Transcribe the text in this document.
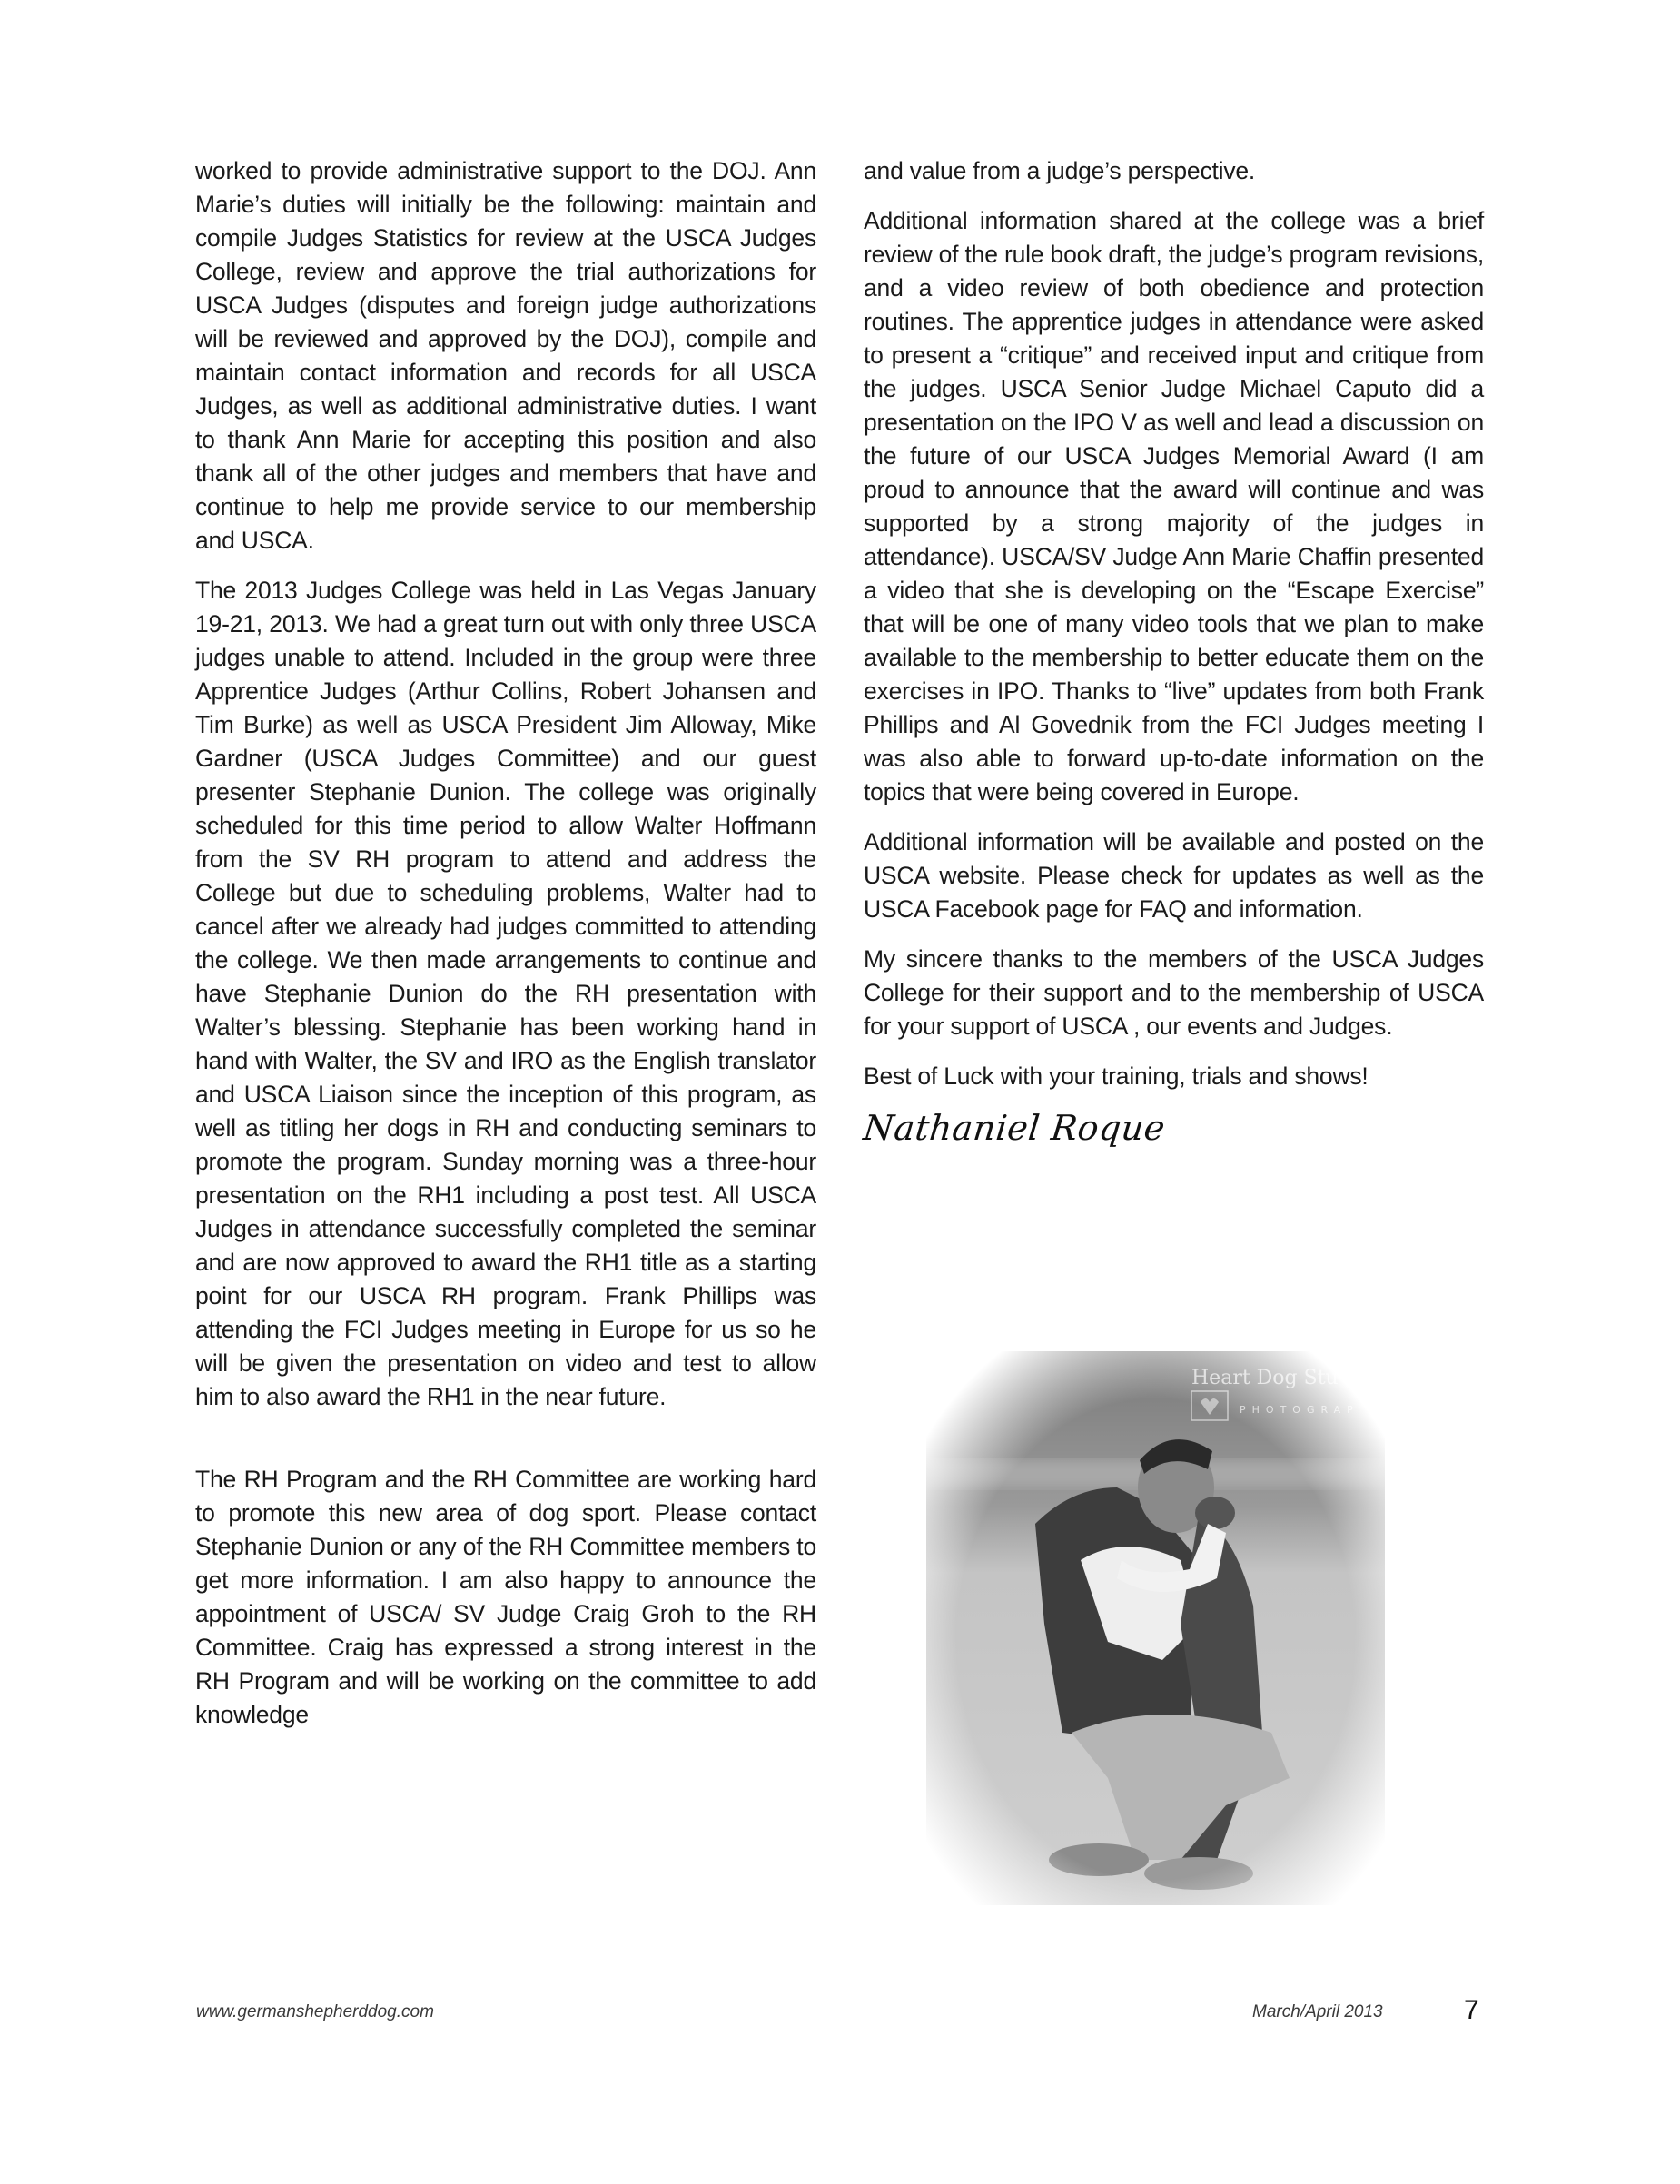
worked to provide administrative support to the DOJ. Ann Marie’s duties will initially be the following: maintain and compile Judges Statistics for review at the USCA Judges College, review and approve the trial authorizations for USCA Judges (disputes and foreign judge authorizations will be reviewed and approved by the DOJ), compile and maintain contact information and records for all USCA Judges, as well as additional administrative duties. I want to thank Ann Marie for accepting this position and also thank all of the other judges and members that have and continue to help me provide service to our membership and USCA.

The 2013 Judges College was held in Las Vegas January 19-21, 2013. We had a great turn out with only three USCA judges unable to attend. Included in the group were three Apprentice Judges (Arthur Collins, Robert Johansen and Tim Burke) as well as USCA President Jim Alloway, Mike Gardner (USCA Judges Committee) and our guest presenter Stephanie Dunion. The college was originally scheduled for this time period to allow Walter Hoffmann from the SV RH program to attend and address the College but due to scheduling problems, Walter had to cancel after we already had judges committed to attending the college. We then made arrangements to continue and have Stephanie Dunion do the RH presentation with Walter’s blessing. Stephanie has been working hand in hand with Walter, the SV and IRO as the English translator and USCA Liaison since the inception of this program, as well as titling her dogs in RH and conducting seminars to promote the program. Sunday morning was a three-hour presentation on the RH1 including a post test. All USCA Judges in attendance successfully completed the seminar and are now approved to award the RH1 title as a starting point for our USCA RH program. Frank Phillips was attending the FCI Judges meeting in Europe for us so he will be given the presentation on video and test to allow him to also award the RH1 in the near future.

The RH Program and the RH Committee are working hard to promote this new area of dog sport. Please contact Stephanie Dunion or any of the RH Committee members to get more information. I am also happy to announce the appointment of USCA/ SV Judge Craig Groh to the RH Committee. Craig has expressed a strong interest in the RH Program and will be working on the committee to add knowledge

and value from a judge’s perspective.

Additional information shared at the college was a brief review of the rule book draft, the judge’s program revisions, and a video review of both obedience and protection routines. The apprentice judges in attendance were asked to present a “critique” and received input and critique from the judges. USCA Senior Judge Michael Caputo did a presentation on the IPO V as well and lead a discussion on the future of our USCA Judges Memorial Award (I am proud to announce that the award will continue and was supported by a strong majority of the judges in attendance). USCA/SV Judge Ann Marie Chaffin presented a video that she is developing on the “Escape Exercise” that will be one of many video tools that we plan to make available to the membership to better educate them on the exercises in IPO. Thanks to “live” updates from both Frank Phillips and Al Govednik from the FCI Judges meeting I was also able to forward up-to-date information on the topics that were being covered in Europe.

Additional information will be available and posted on the USCA website. Please check for updates as well as the USCA Facebook page for FAQ and information.

My sincere thanks to the members of the USCA Judges College for their support and to the membership of USCA for your support of USCA , our events and Judges.

Best of Luck with your training, trials and shows!

Nathaniel Roque
www.germanshepherddog.com	March/April 2013	7
